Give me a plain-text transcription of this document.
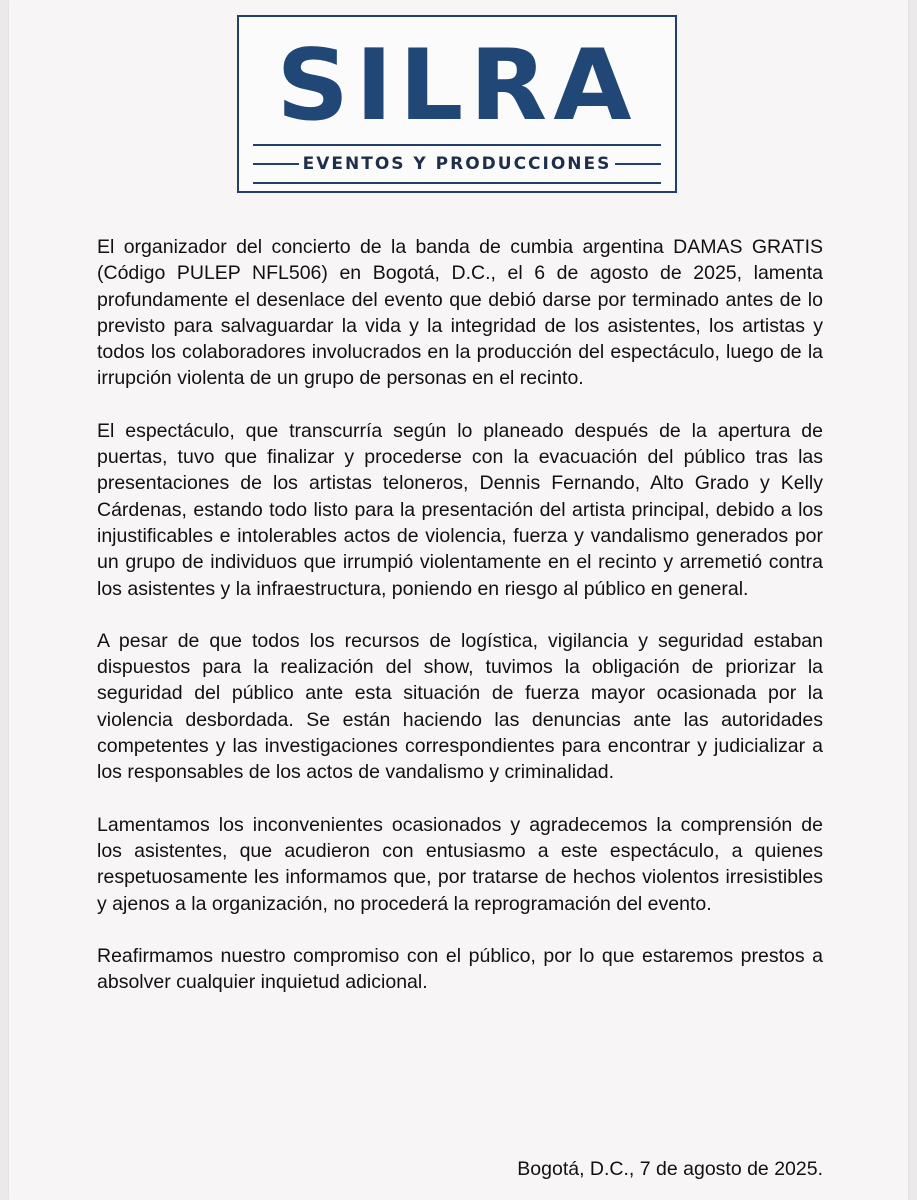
SILRA
EVENTOS Y PRODUCCIONES

El organizador del concierto de la banda de cumbia argentina DAMAS GRATIS (Código PULEP NFL506) en Bogotá, D.C., el 6 de agosto de 2025, lamenta profundamente el desenlace del evento que debió darse por terminado antes de lo previsto para salvaguardar la vida y la integridad de los asistentes, los artistas y todos los colaboradores involucrados en la producción del espectáculo, luego de la irrupción violenta de un grupo de personas en el recinto.

El espectáculo, que transcurría según lo planeado después de la apertura de puertas, tuvo que finalizar y procederse con la evacuación del público tras las presentaciones de los artistas teloneros, Dennis Fernando, Alto Grado y Kelly Cárdenas, estando todo listo para la presentación del artista principal, debido a los injustificables e intolerables actos de violencia, fuerza y vandalismo generados por un grupo de individuos que irrumpió violentamente en el recinto y arremetió contra los asistentes y la infraestructura, poniendo en riesgo al público en general.

A pesar de que todos los recursos de logística, vigilancia y seguridad estaban dispuestos para la realización del show, tuvimos la obligación de priorizar la seguridad del público ante esta situación de fuerza mayor ocasionada por la violencia desbordada. Se están haciendo las denuncias ante las autoridades competentes y las investigaciones correspondientes para encontrar y judicializar a los responsables de los actos de vandalismo y criminalidad.

Lamentamos los inconvenientes ocasionados y agradecemos la comprensión de los asistentes, que acudieron con entusiasmo a este espectáculo, a quienes respetuosamente les informamos que, por tratarse de hechos violentos irresistibles y ajenos a la organización, no procederá la reprogramación del evento.

Reafirmamos nuestro compromiso con el público, por lo que estaremos prestos a absolver cualquier inquietud adicional.

Bogotá, D.C., 7 de agosto de 2025.
